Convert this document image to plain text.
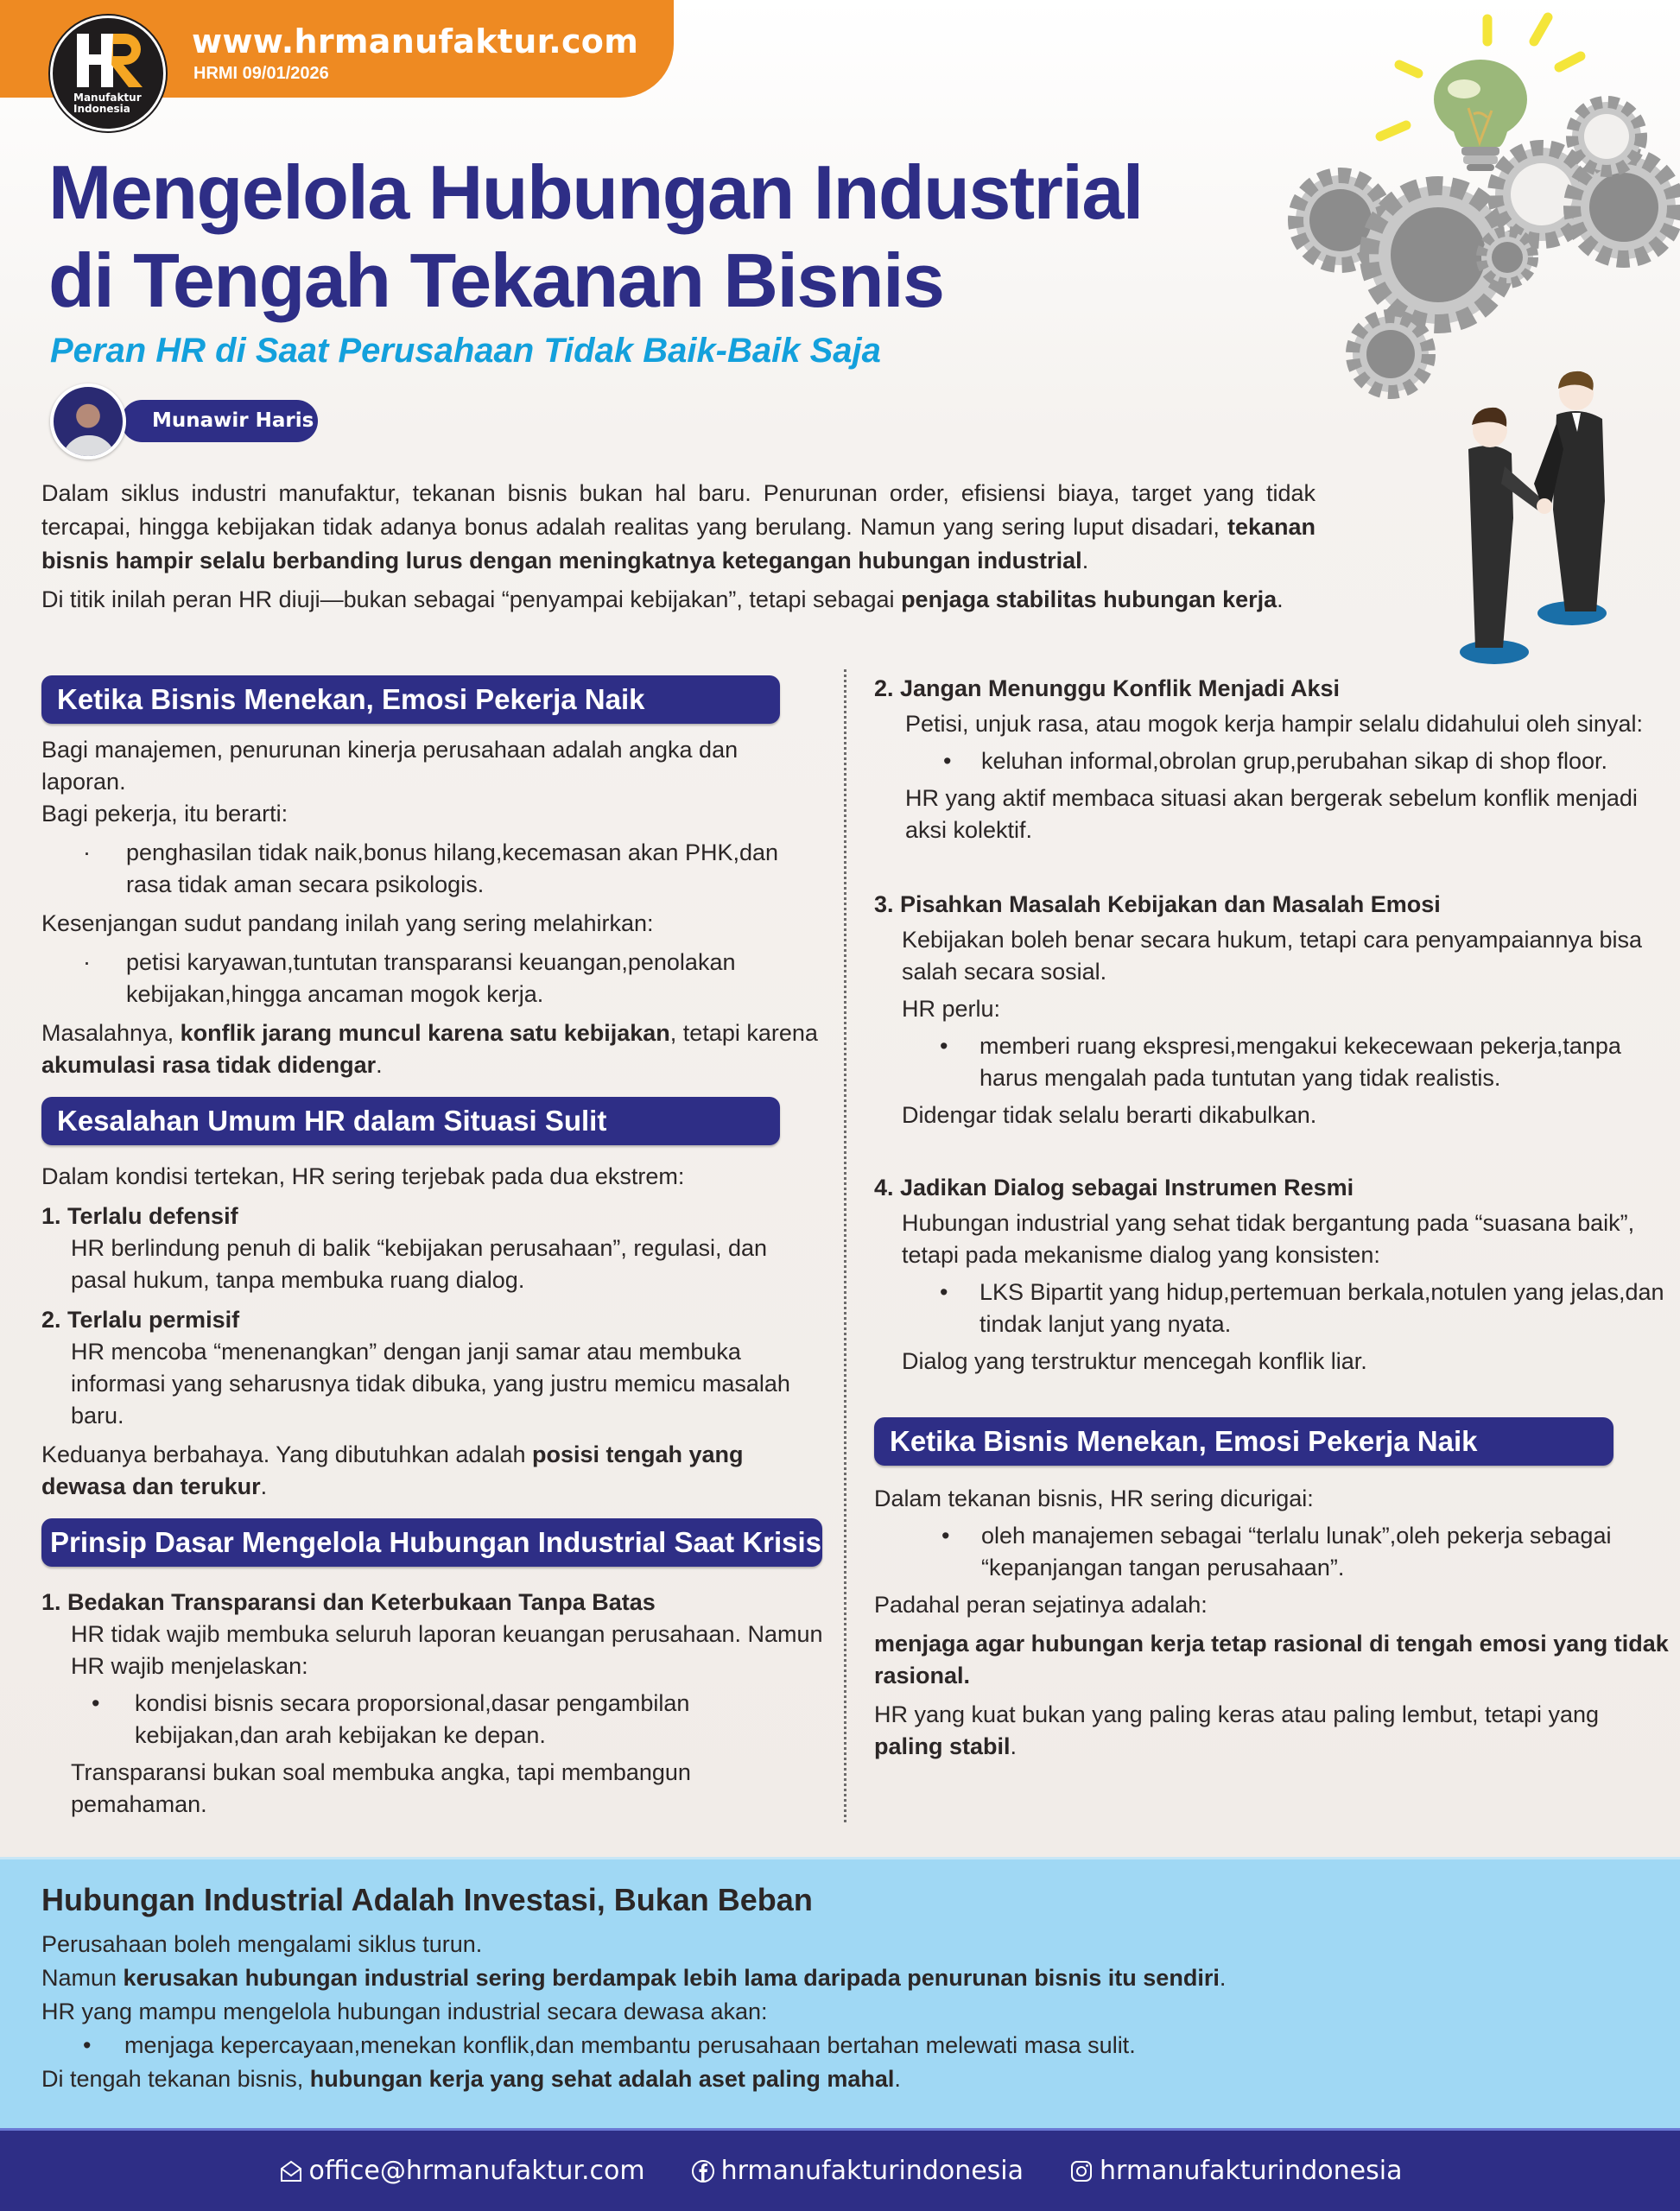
Manufaktur
Indonesia
www.hrmanufaktur.com
HRMI 09/01/2026
Mengelola Hubungan Industrial
di Tengah Tekanan Bisnis
Peran HR di Saat Perusahaan Tidak Baik-Baik Saja
Munawir Haris

Dalam siklus industri manufaktur, tekanan bisnis bukan hal baru. Penurunan order, efisiensi biaya, target yang tidak tercapai, hingga kebijakan tidak adanya bonus adalah realitas yang berulang. Namun yang sering luput disadari, tekanan bisnis hampir selalu berbanding lurus dengan meningkatnya ketegangan hubungan industrial.

Di titik inilah peran HR diuji—bukan sebagai “penyampai kebijakan”, tetapi sebagai penjaga stabilitas hubungan kerja.

Ketika Bisnis Menekan, Emosi Pekerja Naik

Bagi manajemen, penurunan kinerja perusahaan adalah angka dan laporan.

Bagi pekerja, itu berarti:

·	penghasilan tidak naik,bonus hilang,kecemasan akan PHK,dan rasa tidak aman secara psikologis.

Kesenjangan sudut pandang inilah yang sering melahirkan:

·	petisi karyawan,tuntutan transparansi keuangan,penolakan kebijakan,hingga ancaman mogok kerja.

Masalahnya, konflik jarang muncul karena satu kebijakan, tetapi karena akumulasi rasa tidak didengar.

Kesalahan Umum HR dalam Situasi Sulit

Dalam kondisi tertekan, HR sering terjebak pada dua ekstrem:

1. Terlalu defensif

HR berlindung penuh di balik “kebijakan perusahaan”, regulasi, dan pasal hukum, tanpa membuka ruang dialog.

2. Terlalu permisif

HR mencoba “menenangkan” dengan janji samar atau membuka informasi yang seharusnya tidak dibuka, yang justru memicu masalah baru.

Keduanya berbahaya. Yang dibutuhkan adalah posisi tengah yang dewasa dan terukur.

Prinsip Dasar Mengelola Hubungan Industrial Saat Krisis

1. Bedakan Transparansi dan Keterbukaan Tanpa Batas

HR tidak wajib membuka seluruh laporan keuangan perusahaan. Namun HR wajib menjelaskan:

•	kondisi bisnis secara proporsional,dasar pengambilan kebijakan,dan arah kebijakan ke depan.

Transparansi bukan soal membuka angka, tapi membangun pemahaman.

2. Jangan Menunggu Konflik Menjadi Aksi

Petisi, unjuk rasa, atau mogok kerja hampir selalu didahului oleh sinyal:

•	keluhan informal,obrolan grup,perubahan sikap di shop floor.

HR yang aktif membaca situasi akan bergerak sebelum konflik menjadi aksi kolektif.

3. Pisahkan Masalah Kebijakan dan Masalah Emosi

Kebijakan boleh benar secara hukum, tetapi cara penyampaiannya bisa salah secara sosial.

HR perlu:

•	memberi ruang ekspresi,mengakui kekecewaan pekerja,tanpa harus mengalah pada tuntutan yang tidak realistis.

Didengar tidak selalu berarti dikabulkan.

4. Jadikan Dialog sebagai Instrumen Resmi

Hubungan industrial yang sehat tidak bergantung pada “suasana baik”, tetapi pada mekanisme dialog yang konsisten:

•	LKS Bipartit yang hidup,pertemuan berkala,notulen yang jelas,dan tindak lanjut yang nyata.

Dialog yang terstruktur mencegah konflik liar.

Ketika Bisnis Menekan, Emosi Pekerja Naik

Dalam tekanan bisnis, HR sering dicurigai:

•	oleh manajemen sebagai “terlalu lunak”,oleh pekerja sebagai “kepanjangan tangan perusahaan”.

Padahal peran sejatinya adalah:

menjaga agar hubungan kerja tetap rasional di tengah emosi yang tidak rasional.

HR yang kuat bukan yang paling keras atau paling lembut, tetapi yang paling stabil.

Hubungan Industrial Adalah Investasi, Bukan Beban

Perusahaan boleh mengalami siklus turun.

Namun kerusakan hubungan industrial sering berdampak lebih lama daripada penurunan bisnis itu sendiri.

HR yang mampu mengelola hubungan industrial secara dewasa akan:

• menjaga kepercayaan,menekan konflik,dan membantu perusahaan bertahan melewati masa sulit.

Di tengah tekanan bisnis, hubungan kerja yang sehat adalah aset paling mahal.

office@hrmanufaktur.com	hrmanufakturindonesia	hrmanufakturindonesia
